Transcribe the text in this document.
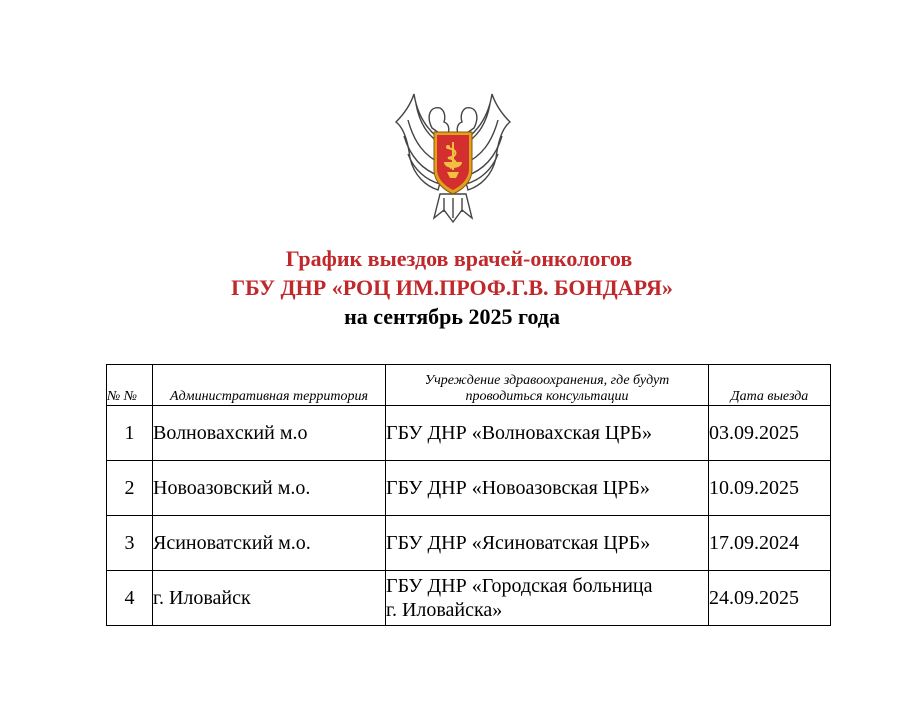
График выездов врачей-онкологов

ГБУ ДНР «РОЦ ИМ.ПРОФ.Г.В. БОНДАРЯ»

на сентябрь 2025 года

№ №	Административная территория	Учреждение здравоохранения, где будут проводиться консультации	Дата выезда
1	Волноваxский м.о	ГБУ ДНР «Волноваxская ЦРБ»	03.09.2025
2	Новоазовский м.о.	ГБУ ДНР «Новоазовская ЦРБ»	10.09.2025
3	Ясиноватский м.о.	ГБУ ДНР «Ясиноватская ЦРБ»	17.09.2024
4	г. Иловайск	ГБУ ДНР «Городская больница
г. Иловайска»	24.09.2025
